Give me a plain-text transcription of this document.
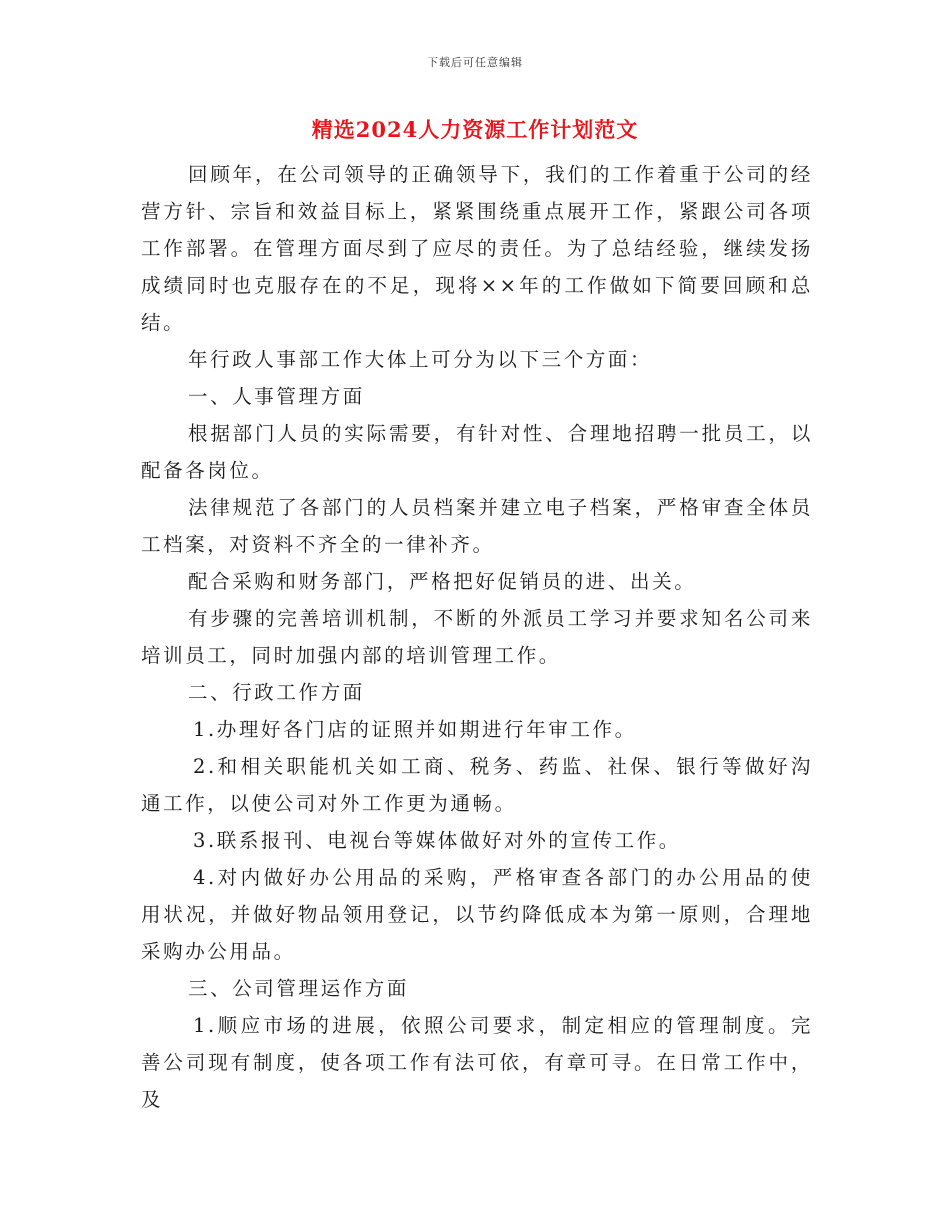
下载后可任意编辑
精选2024人力资源工作计划范文

回顾年，在公司领导的正确领导下，我们的工作着重于公司的经营方针、宗旨和效益目标上，紧紧围绕重点展开工作，紧跟公司各项工作部署。在管理方面尽到了应尽的责任。为了总结经验，继续发扬成绩同时也克服存在的不足，现将××年的工作做如下简要回顾和总结。

年行政人事部工作大体上可分为以下三个方面：

一、人事管理方面

根据部门人员的实际需要，有针对性、合理地招聘一批员工，以配备各岗位。

法律规范了各部门的人员档案并建立电子档案，严格审查全体员工档案，对资料不齐全的一律补齐。

配合采购和财务部门，严格把好促销员的进、出关。

有步骤的完善培训机制，不断的外派员工学习并要求知名公司来培训员工，同时加强内部的培训管理工作。

二、行政工作方面

1.办理好各门店的证照并如期进行年审工作。

2.和相关职能机关如工商、税务、药监、社保、银行等做好沟通工作，以使公司对外工作更为通畅。

3.联系报刊、电视台等媒体做好对外的宣传工作。

4.对内做好办公用品的采购，严格审查各部门的办公用品的使用状况，并做好物品领用登记，以节约降低成本为第一原则，合理地采购办公用品。

三、公司管理运作方面

1.顺应市场的进展，依照公司要求，制定相应的管理制度。完善公司现有制度，使各项工作有法可依，有章可寻。在日常工作中，及
